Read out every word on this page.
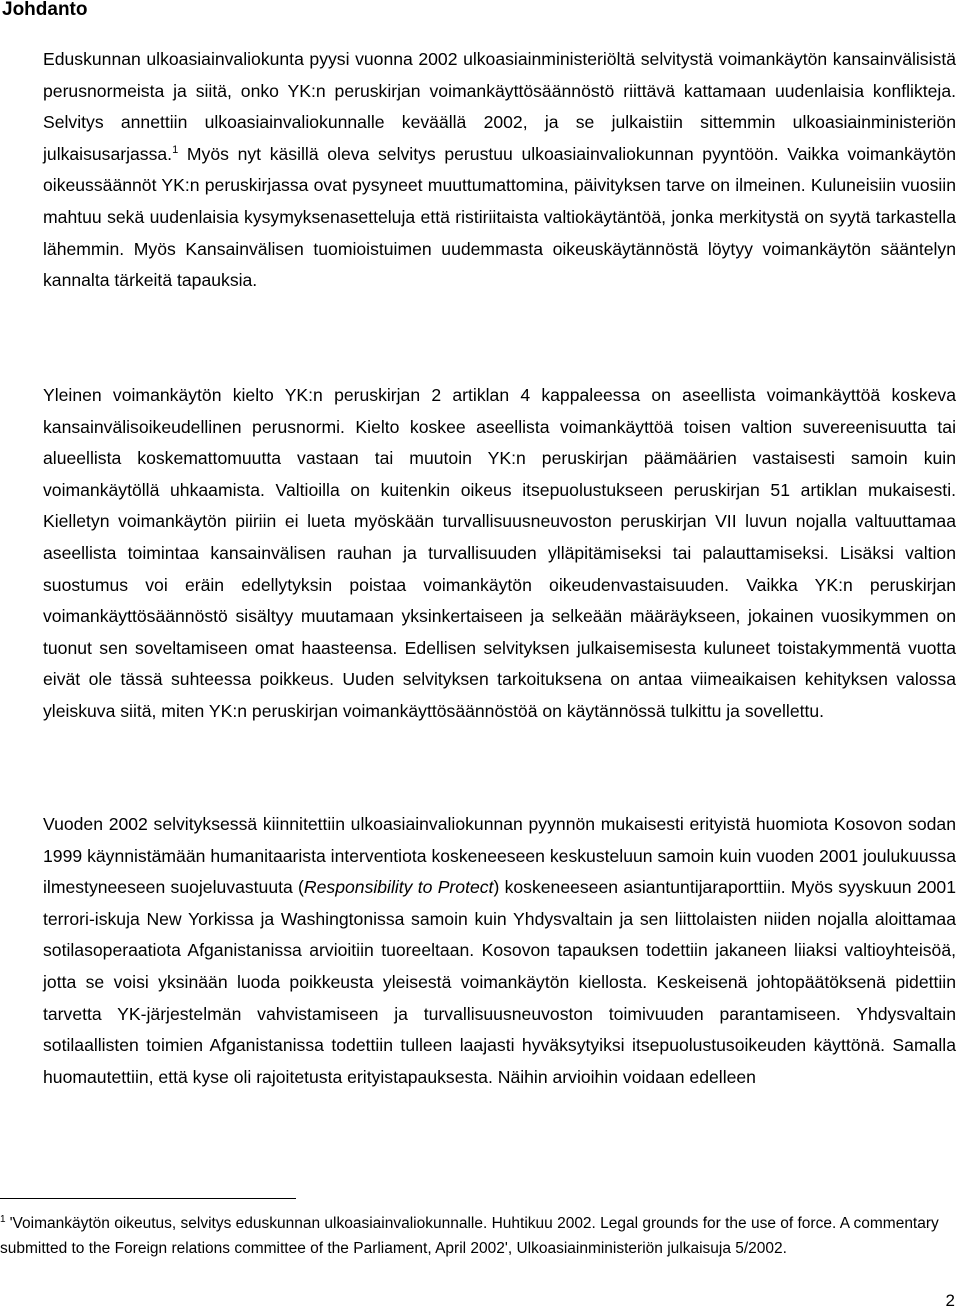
Johdanto

Eduskunnan ulkoasiainvaliokunta pyysi vuonna 2002 ulkoasiainministeriöltä selvitystä voimankäytön kansainvälisistä perusnormeista ja siitä, onko YK:n peruskirjan voimankäyttösäännöstö riittävä kattamaan uudenlaisia konflikteja. Selvitys annettiin ulkoasiainvaliokunnalle keväällä 2002, ja se julkaistiin sittemmin ulkoasiainministeriön julkaisusarjassa.$^1$ Myös nyt käsillä oleva selvitys perustuu ulkoasiainvaliokunnan pyyntöön. Vaikka voimankäytön oikeussäännöt YK:n peruskirjassa ovat pysyneet muuttumattomina, päivityksen tarve on ilmeinen. Kuluneisiin vuosiin mahtuu sekä uudenlaisia kysymyksenasetteluja että ristiriitaista valtiokäytäntöä, jonka merkitystä on syytä tarkastella lähemmin. Myös Kansainvälisen tuomioistuimen uudemmasta oikeuskäytännöstä löytyy voimankäytön sääntelyn kannalta tärkeitä tapauksia.

Yleinen voimankäytön kielto YK:n peruskirjan 2 artiklan 4 kappaleessa on aseellista voimankäyttöä koskeva kansainvälisoikeudellinen perusnormi. Kielto koskee aseellista voimankäyttöä toisen valtion suvereenisuutta tai alueellista koskemattomuutta vastaan tai muutoin YK:n peruskirjan päämäärien vastaisesti samoin kuin voimankäytöllä uhkaamista. Valtioilla on kuitenkin oikeus itsepuolustukseen peruskirjan 51 artiklan mukaisesti. Kielletyn voimankäytön piiriin ei lueta myöskään turvallisuusneuvoston peruskirjan VII luvun nojalla valtuuttamaa aseellista toimintaa kansainvälisen rauhan ja turvallisuuden ylläpitämiseksi tai palauttamiseksi. Lisäksi valtion suostumus voi eräin edellytyksin poistaa voimankäytön oikeudenvastaisuuden. Vaikka YK:n peruskirjan voimankäyttösäännöstö sisältyy muutamaan yksinkertaiseen ja selkeään määräykseen, jokainen vuosikymmen on tuonut sen soveltamiseen omat haasteensa. Edellisen selvityksen julkaisemisesta kuluneet toistakymmentä vuotta eivät ole tässä suhteessa poikkeus. Uuden selvityksen tarkoituksena on antaa viimeaikaisen kehityksen valossa yleiskuva siitä, miten YK:n peruskirjan voimankäyttösäännöstöä on käytännössä tulkittu ja sovellettu.

Vuoden 2002 selvityksessä kiinnitettiin ulkoasiainvaliokunnan pyynnön mukaisesti erityistä huomiota Kosovon sodan 1999 käynnistämään humanitaarista interventiota koskeneeseen keskusteluun samoin kuin vuoden 2001 joulukuussa ilmestyneeseen suojeluvastuuta (Responsibility to Protect) koskeneeseen asiantuntijaraporttiin. Myös syyskuun 2001 terrori-iskuja New Yorkissa ja Washingtonissa samoin kuin Yhdysvaltain ja sen liittolaisten niiden nojalla aloittamaa sotilasoperaatiota Afganistanissa arvioitiin tuoreeltaan. Kosovon tapauksen todettiin jakaneen liiaksi valtioyhteisöä, jotta se voisi yksinään luoda poikkeusta yleisestä voimankäytön kiellosta. Keskeisenä johtopäätöksenä pidettiin tarvetta YK-järjestelmän vahvistamiseen ja turvallisuusneuvoston toimivuuden parantamiseen. Yhdysvaltain sotilaallisten toimien Afganistanissa todettiin tulleen laajasti hyväksytyiksi itsepuolustusoikeuden käyttönä. Samalla huomautettiin, että kyse oli rajoitetusta erityistapauksesta. Näihin arvioihin voidaan edelleen

$^1$ 'Voimankäytön oikeutus, selvitys eduskunnan ulkoasiainvaliokunnalle. Huhtikuu 2002. Legal grounds for the use of force. A commentary submitted to the Foreign relations committee of the Parliament, April 2002', Ulkoasiainministeriön julkaisuja 5/2002.

2
